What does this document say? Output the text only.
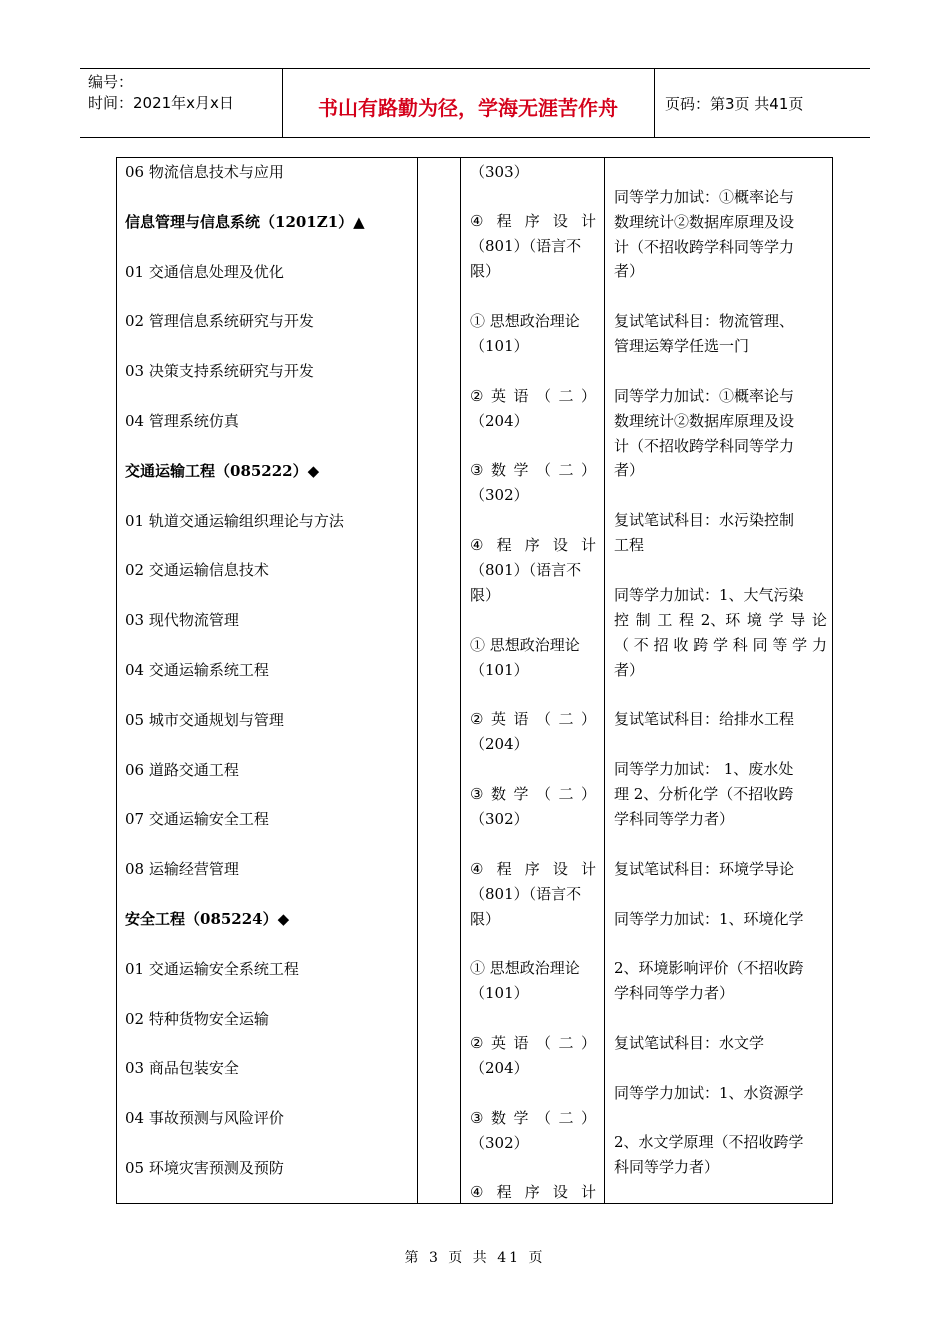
编号：
时间：2021年x月x日	书山有路勤为径，学海无涯苦作舟	页码：第3页 共41页
06 物流信息技术与应用
信息管理与信息系统（1201Z1）▲
01 交通信息处理及优化
02 管理信息系统研究与开发
03 决策支持系统研究与开发
04 管理系统仿真
交通运输工程（085222）◆
01 轨道交通运输组织理论与方法
02 交通运输信息技术
03 现代物流管理
04 交通运输系统工程
05 城市交通规划与管理
06 道路交通工程
07 交通运输安全工程
08 运输经营管理
安全工程（085224）◆
01 交通运输安全系统工程
02 特种货物安全运输
03 商品包装安全
04 事故预测与风险评价
05 环境灾害预测及预防
（303）
④ 程 序 设 计
（801）（语言不
限）
① 思想政治理论
（101）
② 英 语 （ 二 ）
（204）
③ 数 学 （ 二 ）
（302）
④ 程 序 设 计
（801）（语言不
限）
① 思想政治理论
（101）
② 英 语 （ 二 ）
（204）
③ 数 学 （ 二 ）
（302）
④ 程 序 设 计
（801）（语言不
限）
① 思想政治理论
（101）
② 英 语 （ 二 ）
（204）
③ 数 学 （ 二 ）
（302）
④ 程 序 设 计
同等学力加试：①概率论与
数理统计②数据库原理及设
计（不招收跨学科同等学力
者）
复试笔试科目：物流管理、
管理运筹学任选一门
同等学力加试：①概率论与
数理统计②数据库原理及设
计（不招收跨学科同等学力
者）
复试笔试科目：水污染控制
工程
同等学力加试：1、大气污染
控 制 工 程 2、环 境 学 导 论
（ 不 招 收 跨 学 科 同 等 学 力
者）
复试笔试科目：给排水工程
同等学力加试： 1、废水处
理 2、分析化学（不招收跨
学科同等学力者）
复试笔试科目：环境学导论
同等学力加试：1、环境化学
2、环境影响评价（不招收跨
学科同等学力者）
复试笔试科目：水文学
同等学力加试：1、水资源学
2、水文学原理（不招收跨学
科同等学力者）
第 3 页 共 41 页
